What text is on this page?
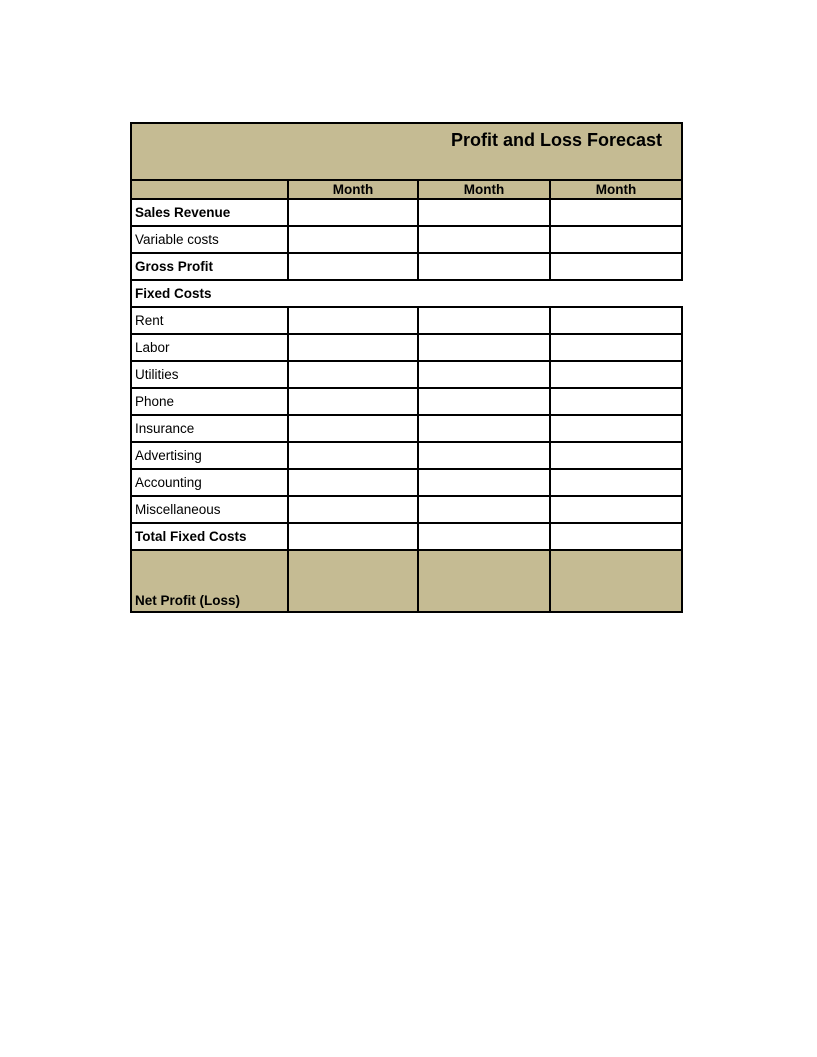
Profit and Loss Forecast			
	Month	Month	Month
Sales Revenue			
Variable costs			
Gross Profit			
Fixed Costs			
Rent			
Labor			
Utilities			
Phone			
Insurance			
Advertising			
Accounting			
Miscellaneous			
Total Fixed Costs			
Net Profit (Loss)			
